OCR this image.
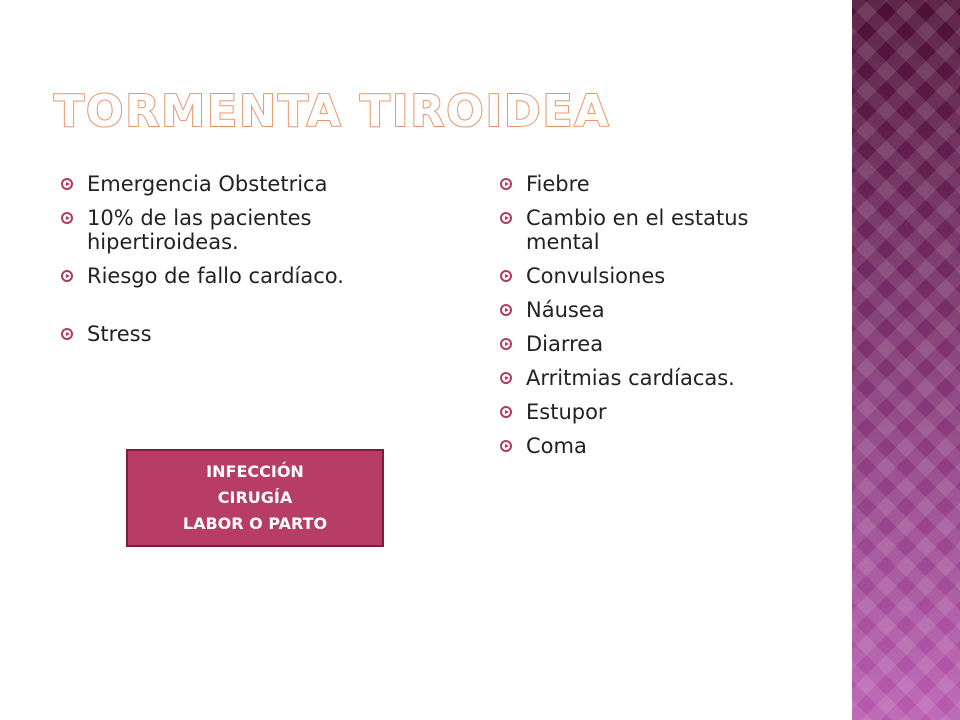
TORMENTA TIROIDEA
Emergencia Obstetrica
10% de las pacientes hipertiroideas.
Riesgo de fallo cardíaco.
Stress
Fiebre
Cambio en el estatus mental
Convulsiones
Náusea
Diarrea
Arritmias cardíacas.
Estupor
Coma
INFECCIÓN
CIRUGÍA
LABOR O PARTO
